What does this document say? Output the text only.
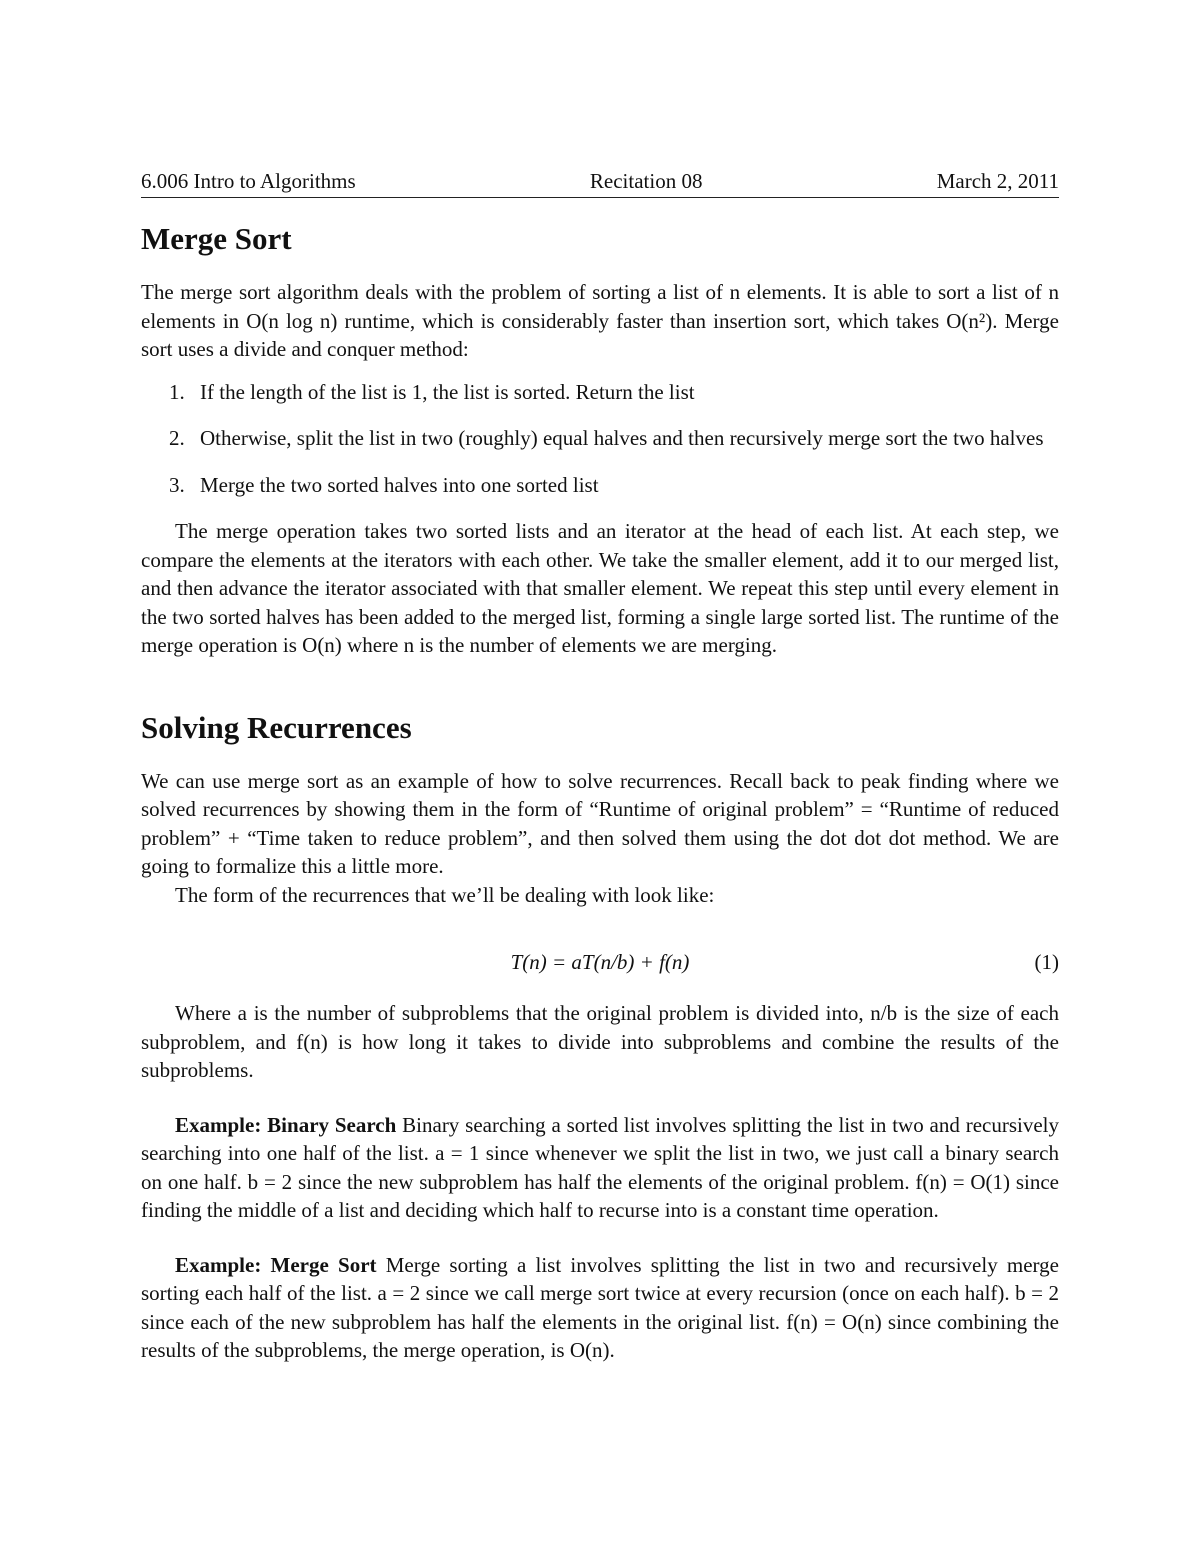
6.006 Intro to Algorithms	Recitation 08	March 2, 2011
Merge Sort

The merge sort algorithm deals with the problem of sorting a list of n elements. It is able to sort a list of n elements in O(n log n) runtime, which is considerably faster than insertion sort, which takes O(n²). Merge sort uses a divide and conquer method:

1. If the length of the list is 1, the list is sorted. Return the list
2. Otherwise, split the list in two (roughly) equal halves and then recursively merge sort the two halves
3. Merge the two sorted halves into one sorted list

The merge operation takes two sorted lists and an iterator at the head of each list. At each step, we compare the elements at the iterators with each other. We take the smaller element, add it to our merged list, and then advance the iterator associated with that smaller element. We repeat this step until every element in the two sorted halves has been added to the merged list, forming a single large sorted list. The runtime of the merge operation is O(n) where n is the number of elements we are merging.

Solving Recurrences

We can use merge sort as an example of how to solve recurrences. Recall back to peak finding where we solved recurrences by showing them in the form of “Runtime of original problem” = “Runtime of reduced problem” + “Time taken to reduce problem”, and then solved them using the dot dot dot method. We are going to formalize this a little more.

The form of the recurrences that we’ll be dealing with look like:

T(n) = aT(n/b) + f(n)	(1)

Where a is the number of subproblems that the original problem is divided into, n/b is the size of each subproblem, and f(n) is how long it takes to divide into subproblems and combine the results of the subproblems.

Example: Binary Search Binary searching a sorted list involves splitting the list in two and recursively searching into one half of the list. a = 1 since whenever we split the list in two, we just call a binary search on one half. b = 2 since the new subproblem has half the elements of the original problem. f(n) = O(1) since finding the middle of a list and deciding which half to recurse into is a constant time operation.

Example: Merge Sort Merge sorting a list involves splitting the list in two and recursively merge sorting each half of the list. a = 2 since we call merge sort twice at every recursion (once on each half). b = 2 since each of the new subproblem has half the elements in the original list. f(n) = O(n) since combining the results of the subproblems, the merge operation, is O(n).
